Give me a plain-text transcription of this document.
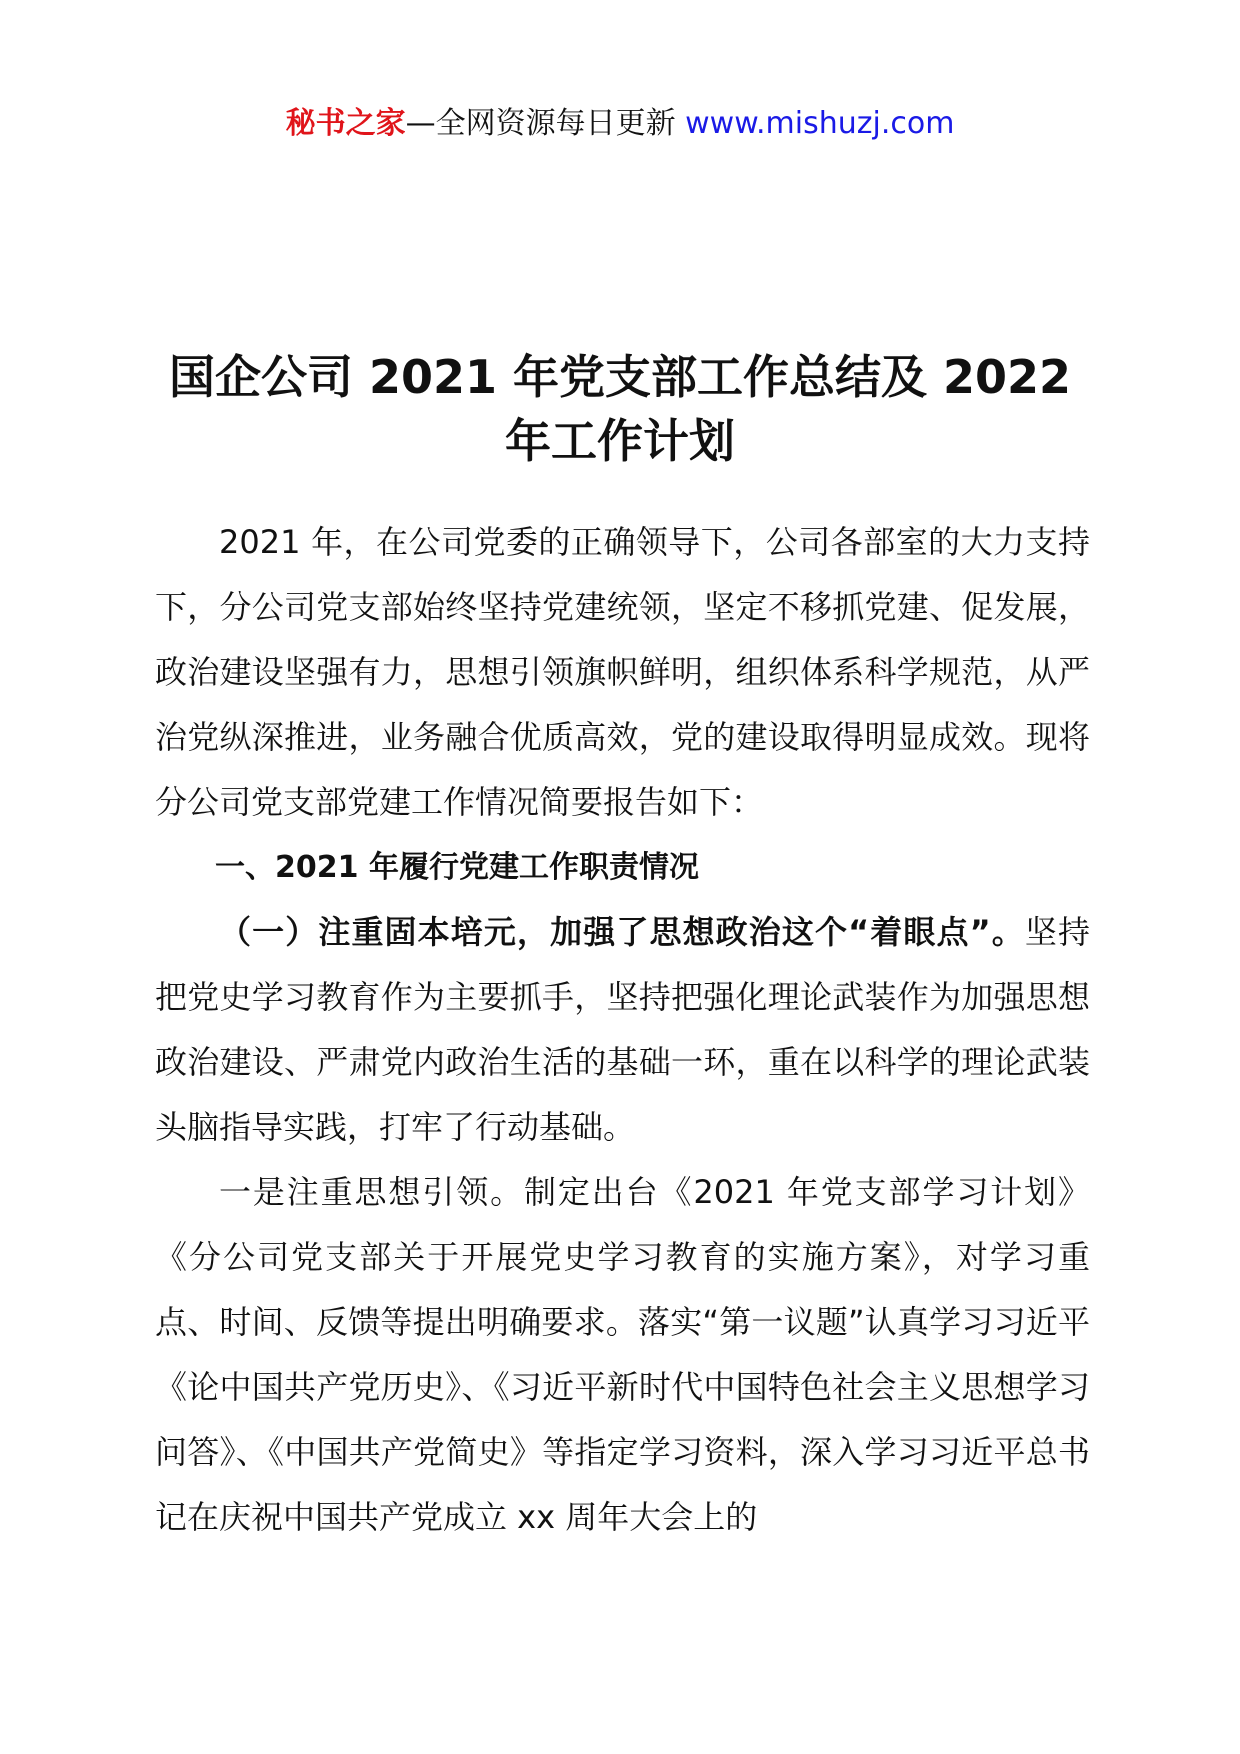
秘书之家—全网资源每日更新 www.mishuzj.com
国企公司 2021 年党支部工作总结及 2022 年工作计划

2021 年，在公司党委的正确领导下，公司各部室的大力支持下，分公司党支部始终坚持党建统领，坚定不移抓党建、促发展，政治建设坚强有力，思想引领旗帜鲜明，组织体系科学规范，从严治党纵深推进，业务融合优质高效，党的建设取得明显成效。现将分公司党支部党建工作情况简要报告如下：

一、2021 年履行党建工作职责情况

（一）注重固本培元，加强了思想政治这个“着眼点”。坚持把党史学习教育作为主要抓手，坚持把强化理论武装作为加强思想政治建设、严肃党内政治生活的基础一环，重在以科学的理论武装头脑指导实践，打牢了行动基础。

一是注重思想引领。制定出台《2021 年党支部学习计划》《分公司党支部关于开展党史学习教育的实施方案》，对学习重点、时间、反馈等提出明确要求。落实“第一议题”认真学习习近平《论中国共产党历史》、《习近平新时代中国特色社会主义思想学习问答》、《中国共产党简史》等指定学习资料，深入学习习近平总书记在庆祝中国共产党成立 xx 周年大会上的
